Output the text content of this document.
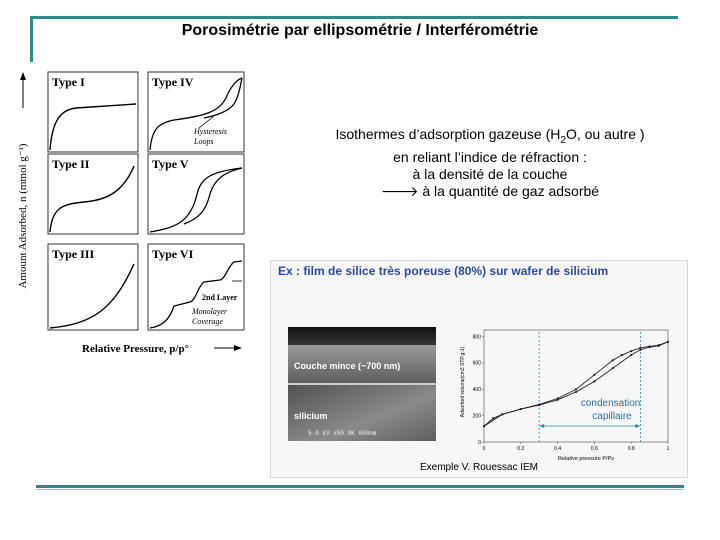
Porosimétrie par ellipsométrie / Interférométrie
Amount Adsorbed, n (mmol g⁻¹)
Type I	Type IV
Hysteresis Loops
Type II	Type V
Type III	Type VI
2nd Layer
Monolayer Coverage
Relative Pressure, p/p°
Isothermes d’adsorption gazeuse ($H_2O$, ou autre )
en reliant l’indice de réfraction :
à la densité de la couche
🡒 à la quantité de gaz adsorbé
Ex : film de silice très poreuse (80%) sur wafer de silicium
Couche mince (~700 nm)
silicium
5.0 kV x50.0K 600nm
Adsorbed volume(cm3 STP.g-1)
Relative pressure P/Ps
0	0.2	0.4	0.6	0.8	1
0
200
400
600
800
condensation capillaire
Exemple V. Rouessac IEM
